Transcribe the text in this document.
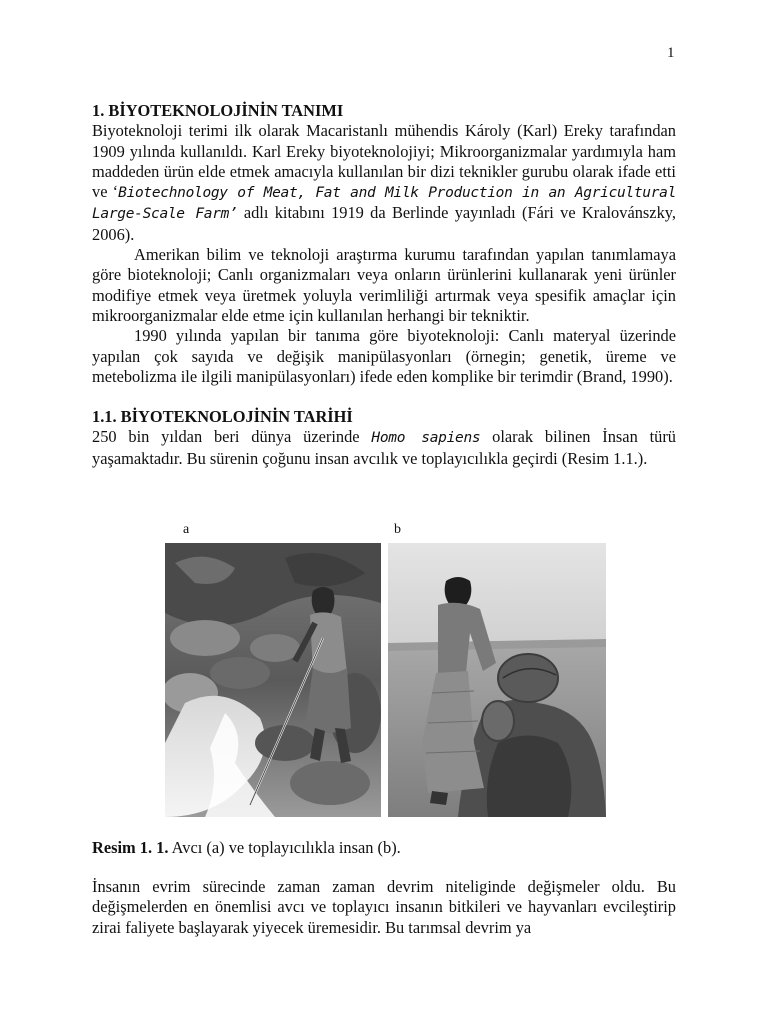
1

1. BİYOTEKNOLOJİNİN TANIMI

Biyoteknoloji terimi ilk olarak Macaristanlı mühendis Károly (Karl) Ereky tarafından 1909 yılında kullanıldı. Karl Ereky biyoteknolojiyi; Mikroorganizmalar yardımıyla ham maddeden ürün elde etmek amacıyla kullanılan bir dizi teknikler gurubu olarak ifade etti ve ‘Biotechnology of Meat, Fat and Milk Production in an Agricultural Large-Scale Farm’ adlı kitabını 1919 da Berlinde yayınladı (Fári ve Kralovánszky, 2006).

Amerikan bilim ve teknoloji araştırma kurumu tarafından yapılan tanımlamaya göre bioteknoloji; Canlı organizmaları veya onların ürünlerini kullanarak yeni ürünler modifiye etmek veya üretmek yoluyla verimliliği artırmak veya spesifik amaçlar için mikroorganizmalar elde etme için kullanılan herhangi bir tekniktir.

1990 yılında yapılan bir tanıma göre biyoteknoloji: Canlı materyal üzerinde yapılan çok sayıda ve değişik manipülasyonları (örnegin; genetik, üreme ve metebolizma ile ilgili manipülasyonları) ifede eden komplike bir terimdir (Brand, 1990).

1.1. BİYOTEKNOLOJİNİN TARİHİ

250 bin yıldan beri dünya üzerinde Homo sapiens olarak bilinen İnsan türü yaşamaktadır. Bu sürenin çoğunu insan avcılık ve toplayıcılıkla geçirdi (Resim 1.1.).

a	b
Resim 1. 1. Avcı (a) ve toplayıcılıkla insan (b).

İnsanın evrim sürecinde zaman zaman devrim niteliginde değişmeler oldu. Bu değişmelerden en önemlisi avcı ve toplayıcı insanın bitkileri ve hayvanları evcileştirip zirai faliyete başlayarak yiyecek üremesidir. Bu tarımsal devrim ya
